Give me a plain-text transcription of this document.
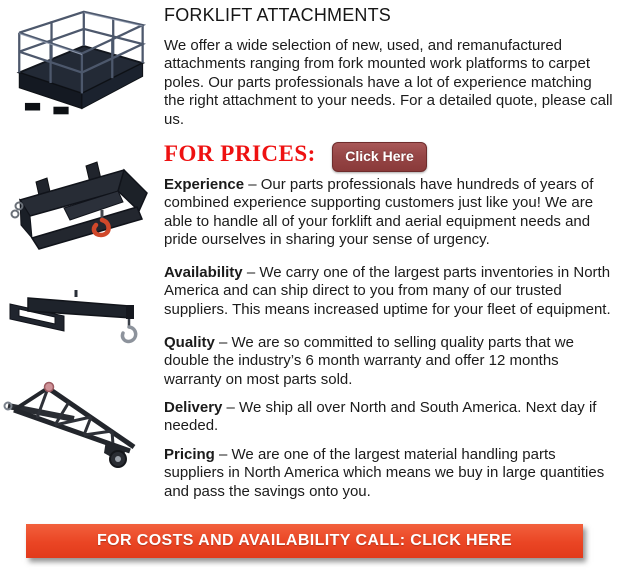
FORKLIFT ATTACHMENTS

We offer a wide selection of new, used, and remanufactured attachments ranging from fork mounted work platforms to carpet poles. Our parts professionals have a lot of experience matching the right attachment to your needs. For a detailed quote, please call us.

FOR PRICES:	Click Here

Experience – Our parts professionals have hundreds of years of combined experience supporting customers just like you! We are able to handle all of your forklift and aerial equipment needs and pride ourselves in sharing your sense of urgency.

Availability – We carry one of the largest parts inventories in North America and can ship direct to you from many of our trusted suppliers. This means increased uptime for your fleet of equipment.

Quality – We are so committed to selling quality parts that we double the industry’s 6 month warranty and offer 12 months warranty on most parts sold.

Delivery – We ship all over North and South America. Next day if needed.

Pricing – We are one of the largest material handling parts suppliers in North America which means we buy in large quantities and pass the savings onto you.

FOR COSTS AND AVAILABILITY CALL: CLICK HERE
